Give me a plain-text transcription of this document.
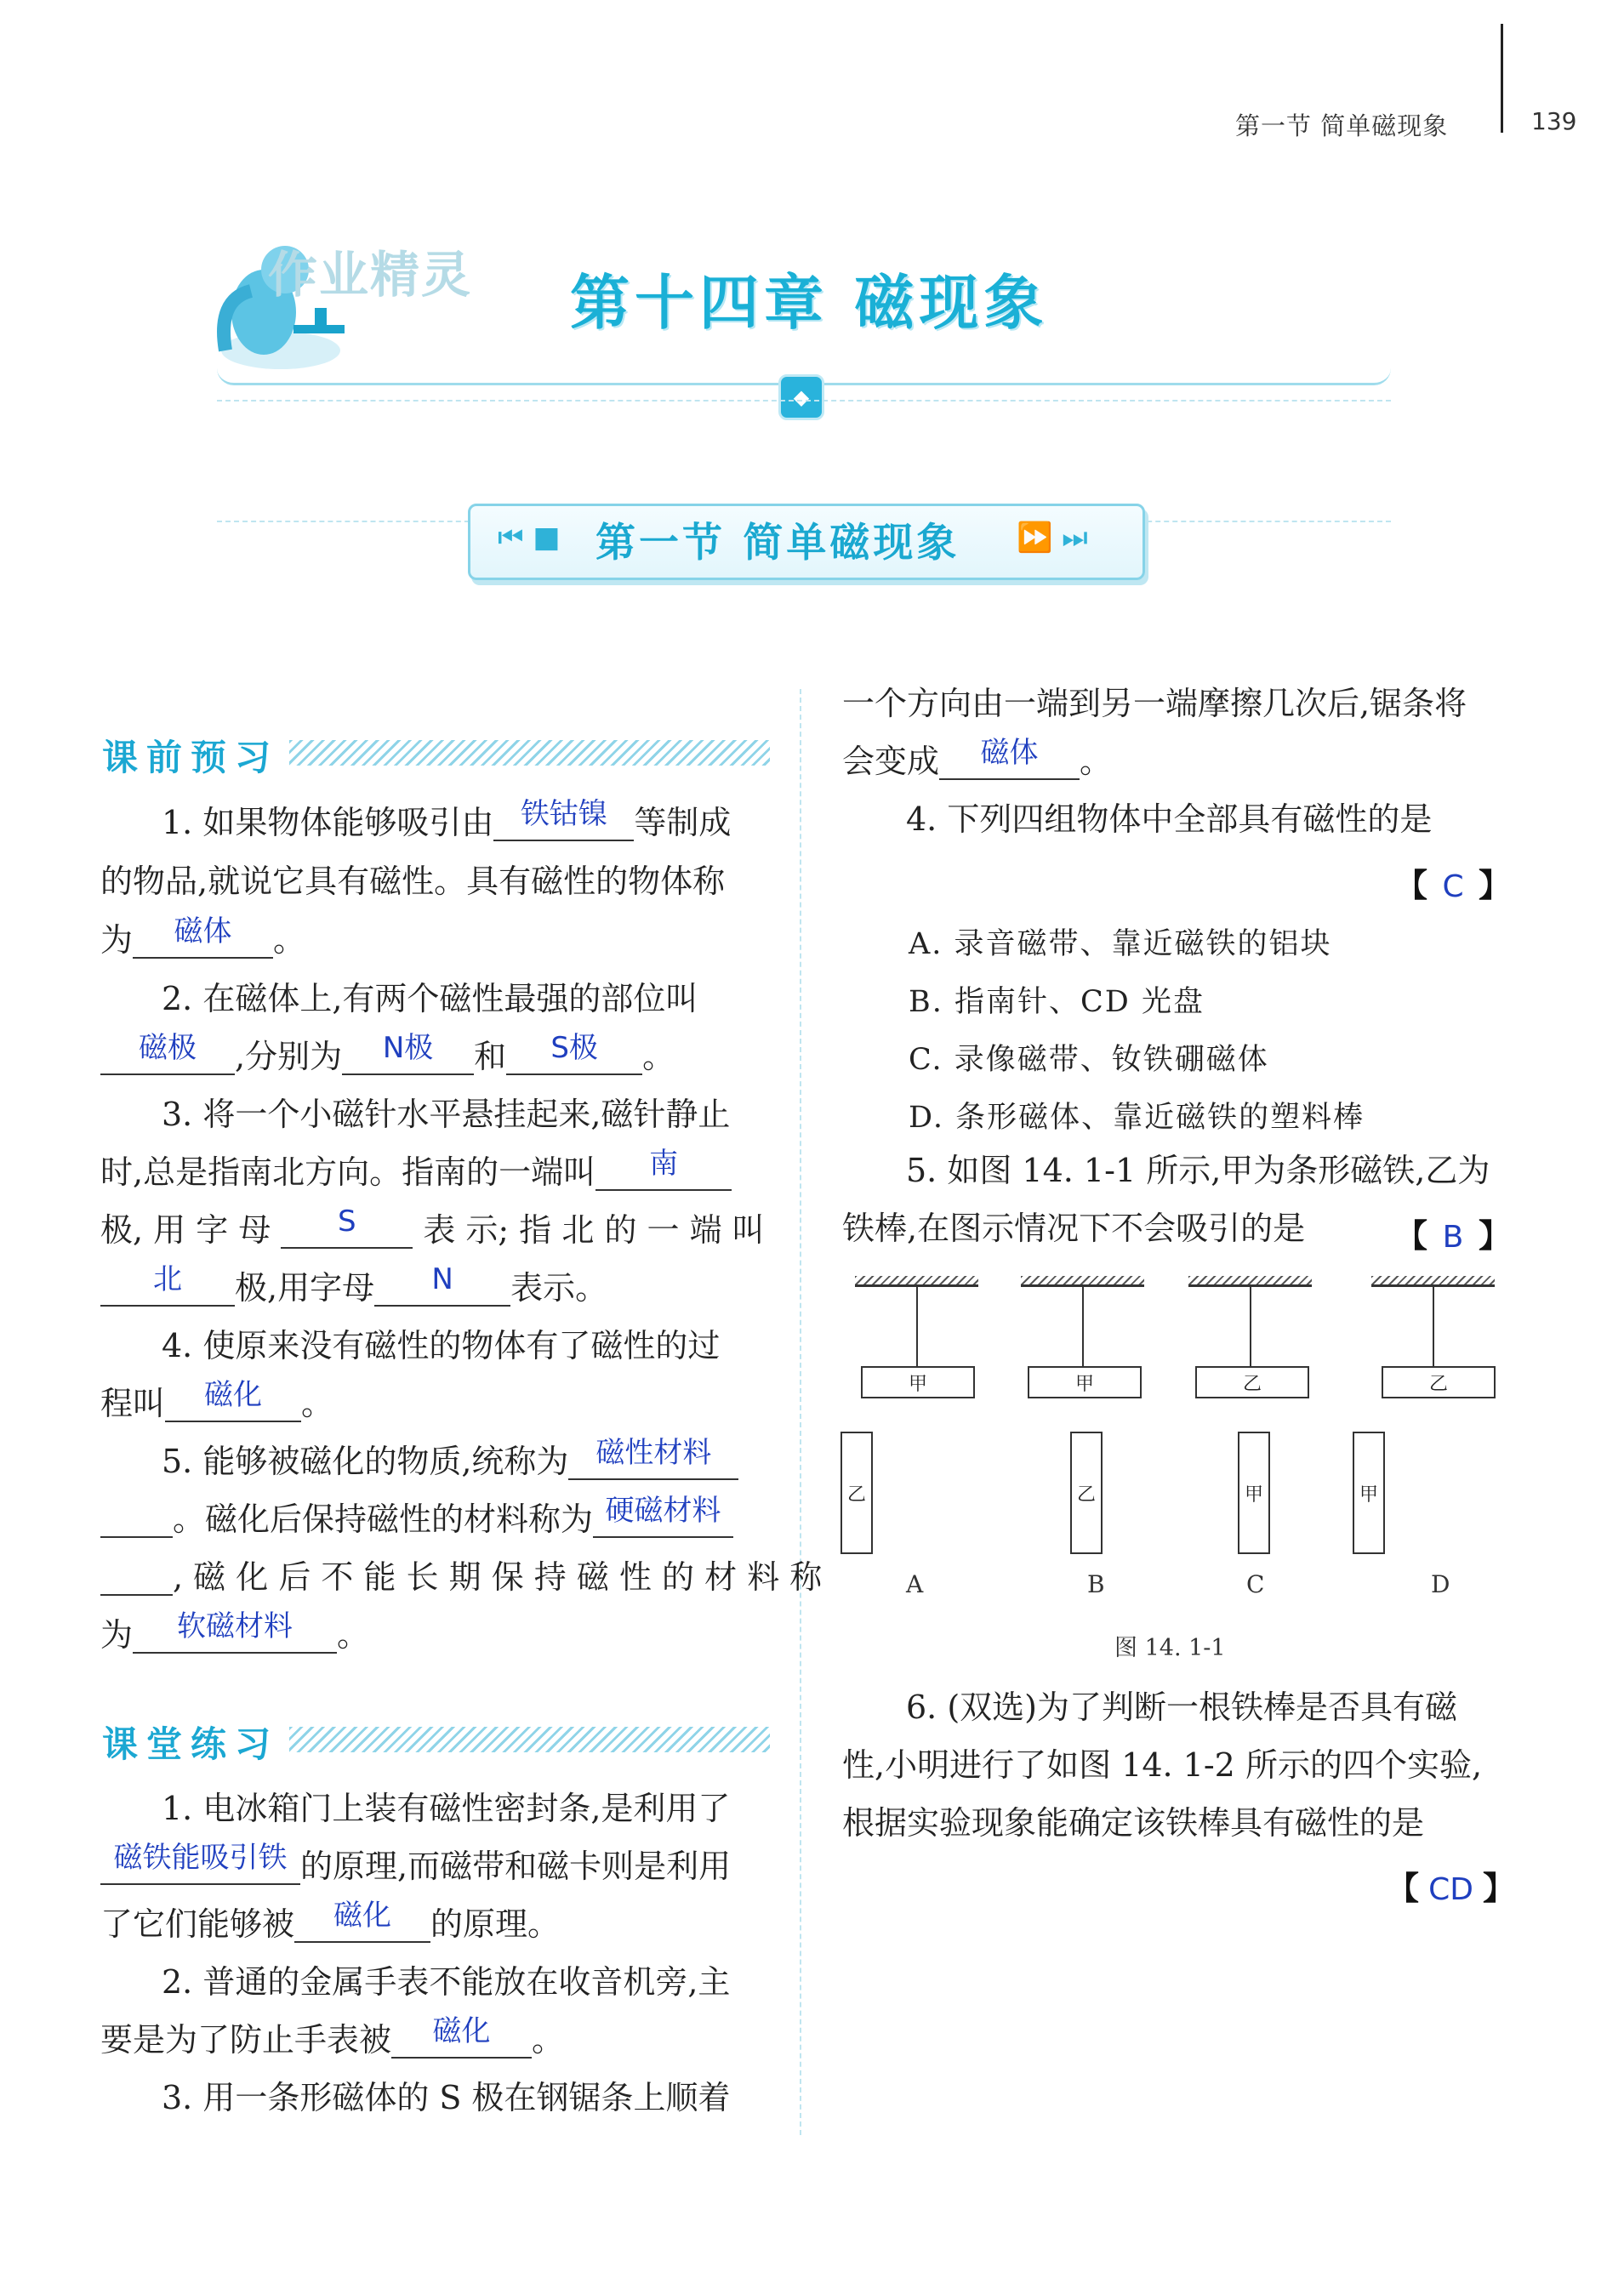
第一节 简单磁现象	139
作业精灵 第十四章 磁现象
◆
⏮ ■ 第一节 简单磁现象 ⏩ ⏭
课前预习
1. 如果物体能够吸引由 铁钴镍 等制成
的物品,就说它具有磁性。具有磁性的物体称
为	磁体	。
2. 在磁体上,有两个磁性最强的部位叫
磁极	,分别为	N极	和	S极	。
3. 将一个小磁针水平悬挂起来,磁针静止
时,总是指南北方向。指南的一端叫	南
极, 用 字 母	S	表 示; 指 北 的 一 端 叫
北	极,用字母	N	表示。
4. 使原来没有磁性的物体有了磁性的过
程叫	磁化	。
5. 能够被磁化的物质,统称为 磁性材料
。磁化后保持磁性的材料称为 硬磁材料
, 磁 化 后 不 能 长 期 保 持 磁 性 的 材 料 称
为	软磁材料	。
课堂练习
1. 电冰箱门上装有磁性密封条,是利用了
磁铁能吸引铁 的原理,而磁带和磁卡则是利用
了它们能够被	磁化	的原理。
2. 普通的金属手表不能放在收音机旁,主
要是为了防止手表被	磁化	。
3. 用一条形磁体的 S 极在钢锯条上顺着
一个方向由一端到另一端摩擦几次后,锯条将
会变成	磁体	。
4. 下列四组物体中全部具有磁性的是
【 C 】
A. 录音磁带、靠近磁铁的铝块
B. 指南针、CD 光盘
C. 录像磁带、钕铁硼磁体
D. 条形磁体、靠近磁铁的塑料棒
5. 如图 14. 1-1 所示,甲为条形磁铁,乙为
铁棒,在图示情况下不会吸引的是	【 B 】
甲
乙
A
甲
乙
B
乙
甲
C
乙
甲
D
图 14. 1-1
6. (双选)为了判断一根铁棒是否具有磁
性,小明进行了如图 14. 1-2 所示的四个实验,
根据实验现象能确定该铁棒具有磁性的是
【 CD 】
